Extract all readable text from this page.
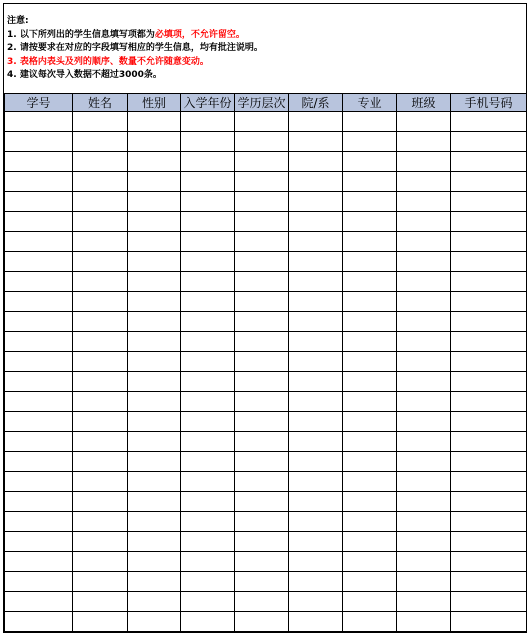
注意:
1. 以下所列出的学生信息填写项都为必填项，不允许留空。
2. 请按要求在对应的字段填写相应的学生信息，均有批注说明。
3. 表格内表头及列的顺序、数量不允许随意变动。
4. 建议每次导入数据不超过3000条。
学号	姓名	性别	入学年份	学历层次	院/系	专业	班级	手机号码
